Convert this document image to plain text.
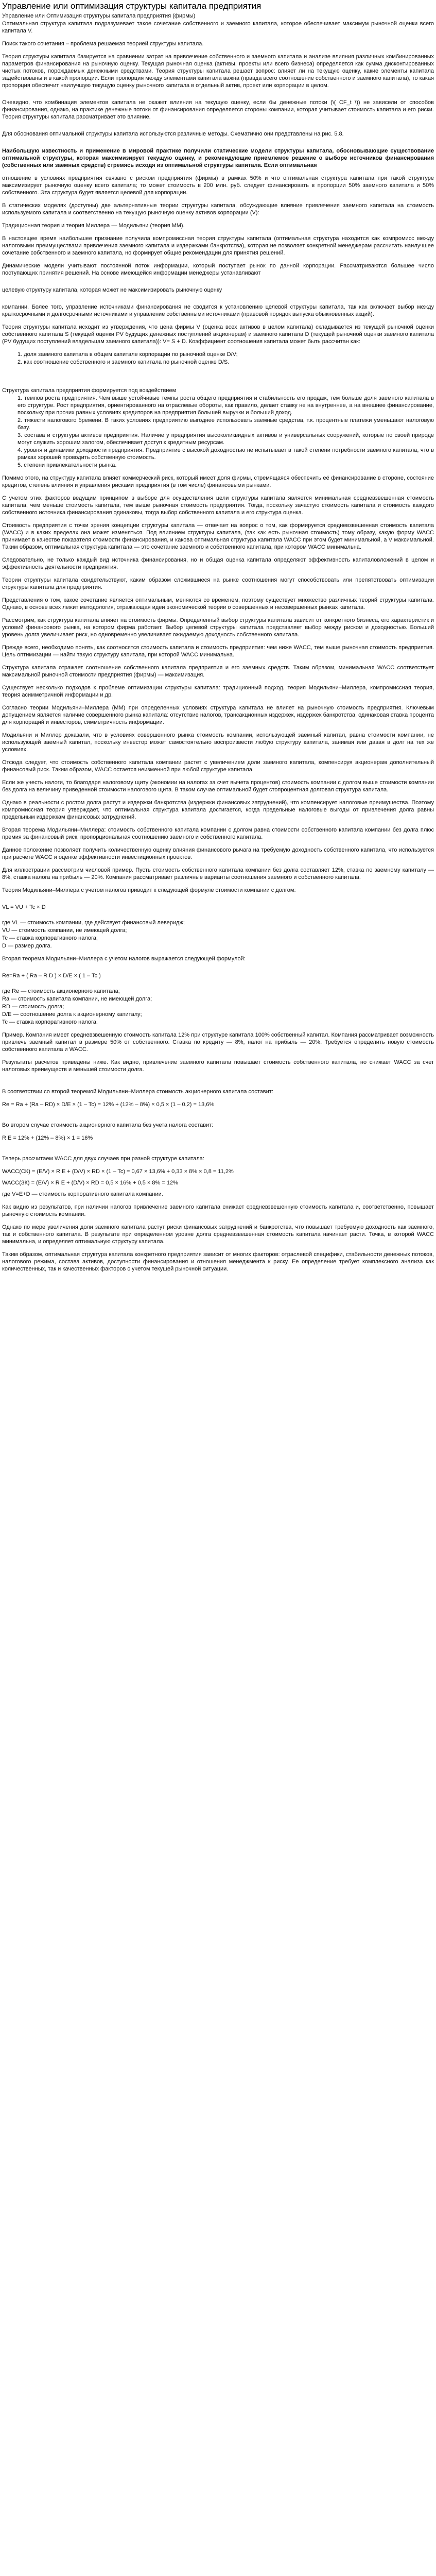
Управление или оптимизация структуры капитала предприятия

Управление или Оптимизация структуры капитала предприятия (фирмы)

Оптимальная структура капитала подразумевает такое сочетание собственного и заемного капитала, которое обеспечивает максимум рыночной оценки всего капитала V.

Поиск такого сочетания – проблема решаемая теорией структуры капитала.

Теория структуры капитала базируется на сравнении затрат на привлечение собственного и заемного капитала и анализе влияния различных комбинированных параметров финансирования на рыночную оценку. Текущая рыночная оценка (активы, проекты или всего бизнеса) определяется как сумма дисконтированных чистых потоков, порождаемых денежными средствами. Теория структуры капитала решает вопрос: влияет ли на текущую оценку, какие элементы капитала задействованы и в какой пропорции. Если пропорция между элементами капитала важна (правда всего соотношение собственного и заемного капитала), то какая пропорция обеспечит наилучшую текущую оценку рыночного капитала в отдельный актив, проект или корпорации в целом.

Очевидно, что комбинация элементов капитала не окажет влияния на текущую оценку, если бы денежные потоки (\( CF_t \)) не зависели от способов финансирования, однако, на практике денежные потоки от финансирования определяется стороны компании, которая учитывает стоимость капитала и его риски. Теория структуры капитала рассматривает это влияние.

Для обоснования оптимальной структуры капитала используются различные методы. Схематично они представлены на рис. 5.8.

Наибольшую известность и применение в мировой практике получили статические модели структуры капитала, обосновывающие существование оптимальной структуры, которая максимизирует текущую оценку, и рекомендующие приемлемое решение о выборе источников финансирования (собственных или заемных средств) стремясь исходя из оптимальной структуры капитала. Если оптимальная

отношение в условиях предприятия связано с риском предприятия (фирмы) в рамках 50% и что оптимальная структура капитала при такой структуре максимизирует рыночную оценку всего капитала; то может стоимость в 200 млн. руб. следует финансировать в пропорции 50% заемного капитала и 50% собственного. Эта структура будет является целевой для корпорации.

В статических моделях (доступны) две альтернативные теории структуры капитала, обсуждающие влияние привлечения заемного капитала на стоимость используемого капитала и соответственно на текущую рыночную оценку активов корпорации (V):

Традиционная теория и теория Миллера — Модильяни (теория ММ).

В настоящее время наибольшее признание получила компромиссная теория структуры капитала (оптимальная структура находится как компромисс между налоговыми преимуществами привлечения заемного капитала и издержками банкротства), которая не позволяет конкретной менеджерам рассчитать наилучшее сочетание собственного и заемного капитала, но формирует общие рекомендации для принятия решений.

Динамические модели учитывают постоянной поток информации, который поступает рынок по данной корпорации. Рассматриваются большее число поступающих принятия решений. На основе имеющейся информации менеджеры устанавливают

целевую структуру капитала, которая может не максимизировать рыночную оценку

компании. Более того, управление источниками финансирования не сводится к установлению целевой структуры капитала, так как включает выбор между краткосрочными и долгосрочными источниками и управление собственными источниками (правовой порядок выпуска обыкновенных акций).

Теория структуры капитала исходит из утверждения, что цена фирмы V (оценка всех активов в целом капитала) складывается из текущей рыночной оценки собственного капитала S (текущей оценки PV будущих денежных поступлений акционерам) и заемного капитала D (текущей рыночной оценки заемного капитала (PV будущих поступлений владельцам заемного капитала)): V= S + D. Коэффициент соотношения капитала может быть рассчитан как:

1. доля заемного капитала в общем капитале корпорации по рыночной оценке D/V;

2. как соотношение собственного и заемного капитала по рыночной оценке D/S.

Структура капитала предприятия формируется под воздействием

1. темпов роста предприятия. Чем выше устойчивые темпы роста общего предприятия и стабильность его продаж, тем больше доля заемного капитала в его структуре. Рост предприятия, ориентированного на отраслевые обороты, как правило, делает ставку не на внутреннее, а на внешнее финансирование, поскольку при прочих равных условиях кредиторов на предприятия большей выручки и больший доход.

2. тяжести налогового бремени. В таких условиях предприятию выгоднее использовать заемные средства, т.к. процентные платежи уменьшают налоговую базу.

3. состава и структуры активов предприятия. Наличие у предприятия высоколиквидных активов и универсальных сооружений, которые по своей природе могут служить хорошим залогом, обеспечивает доступ к кредитным ресурсам.

4. уровня и динамики доходности предприятия. Предприятие с высокой доходностью не испытывает в такой степени потребности заемного капитала, что в рамках хорошей проводить собственную стоимость.

5. степени привлекательности рынка.

Помимо этого, на структуру капитала влияет коммерческий риск, который имеет доля фирмы, стремящаяся обеспечить её финансирование в стороне, состояние кредитов, степень влияния и управления рисками предприятия (в том числе) финансовыми рынками.

С учетом этих факторов ведущим принципом в выборе для осуществления цели структуры капитала является минимальная средневзвешенная стоимость капитала, чем меньше стоимость капитала, тем выше рыночная стоимость предприятия. Тогда, поскольку зачастую стоимость капитала и стоимость каждого собственного источника финансирования одинаковы, тогда выбор собственного капитала и его структура оценка.

Стоимость предприятия с точки зрения концепции структуры капитала — отвечает на вопрос о том, как формируется средневзвешенная стоимость капитала (WACC) и в каких пределах она может изменяться. Под влиянием структуры капитала, (так как есть рыночная стоимость) тому образу, какую форму WACC принимает в качестве показателя стоимости финансирования, и какова оптимальная структура капитала WACC при этом будет минимальной, а V максимальной. Таким образом, оптимальная структура капитала — это сочетание заемного и собственного капитала, при котором WACC минимальна.

Следовательно, не только каждый вид источника финансирования, но и общая оценка капитала определяют эффективность капиталовложений в целом и эффективность деятельности предприятия.

Теории структуры капитала свидетельствуют, каким образом сложившиеся на рынке соотношения могут способствовать или препятствовать оптимизации структуры капитала для предприятия.

Представления о том, какое сочетание является оптимальным, меняются со временем, поэтому существует множество различных теорий структуры капитала. Однако, в основе всех лежит методология, отражающая идеи экономической теории о совершенных и несовершенных рынках капитала.

Рассмотрим, как структура капитала влияет на стоимость фирмы. Определенный выбор структуры капитала зависит от конкретного бизнеса, его характеристик и условий финансового рынка, на котором фирма работает. Выбор целевой структуры капитала представляет выбор между риском и доходностью. Больший уровень долга увеличивает риск, но одновременно увеличивает ожидаемую доходность собственного капитала.

Прежде всего, необходимо понять, как соотносятся стоимость капитала и стоимость предприятия: чем ниже WACC, тем выше рыночная стоимость предприятия. Цель оптимизации — найти такую структуру капитала, при которой WACC минимальна.

Структура капитала отражает соотношение собственного капитала предприятия и его заемных средств. Таким образом, минимальная WACC соответствует максимальной рыночной стоимости предприятия (фирмы) — максимизация.

Существует несколько подходов к проблеме оптимизации структуры капитала: традиционный подход, теория Модильяни–Миллера, компромиссная теория, теория асимметричной информации и др.

Согласно теории Модильяни–Миллера (ММ) при определенных условиях структура капитала не влияет на рыночную стоимость предприятия. Ключевым допущением является наличие совершенного рынка капитала: отсутствие налогов, трансакционных издержек, издержек банкротства, одинаковая ставка процента для корпораций и инвесторов, симметричность информации.

Модильяни и Миллер доказали, что в условиях совершенного рынка стоимость компании, использующей заемный капитал, равна стоимости компании, не использующей заемный капитал, поскольку инвестор может самостоятельно воспроизвести любую структуру капитала, занимая или давая в долг на тех же условиях.

Отсюда следует, что стоимость собственного капитала компании растет с увеличением доли заемного капитала, компенсируя акционерам дополнительный финансовый риск. Таким образом, WACC остается неизменной при любой структуре капитала.

Если же учесть налоги, то благодаря налоговому щиту (экономии на налогах за счет вычета процентов) стоимость компании с долгом выше стоимости компании без долга на величину приведенной стоимости налогового щита. В таком случае оптимальной будет стопроцентная долговая структура капитала.

Однако в реальности с ростом долга растут и издержки банкротства (издержки финансовых затруднений), что компенсирует налоговые преимущества. Поэтому компромиссная теория утверждает, что оптимальная структура капитала достигается, когда предельные налоговые выгоды от привлечения долга равны предельным издержкам финансовых затруднений.

Вторая теорема Модильяни–Миллера: стоимость собственного капитала компании с долгом равна стоимости собственного капитала компании без долга плюс премия за финансовый риск, пропорциональная соотношению заемного и собственного капитала.

Данное положение позволяет получить количественную оценку влияния финансового рычага на требуемую доходность собственного капитала, что используется при расчете WACC и оценке эффективности инвестиционных проектов.

Для иллюстрации рассмотрим числовой пример. Пусть стоимость собственного капитала компании без долга составляет 12%, ставка по заемному капиталу — 8%, ставка налога на прибыль — 20%. Компания рассматривает различные варианты соотношения заемного и собственного капитала.

Теория Модильяни–Миллера с учетом налогов приводит к следующей формуле стоимости компании с долгом:

VL = VU + Tc × D

где VL — стоимость компании, где действует финансовый леверидж;

VU — стоимость компании, не имеющей долга;

Tc — ставка корпоративного налога;

D — размер долга.

Вторая теорема Модильяни–Миллера с учетом налогов выражается следующей формулой:

Re=Ra + ( Ra – R D ) × D/E × ( 1 – Tc )

где Re — стоимость акционерного капитала;

Ra — стоимость капитала компании, не имеющей долга;

RD — стоимость долга;

D/E — соотношение долга к акционерному капиталу;

Tc — ставка корпоративного налога.

Пример. Компания имеет средневзвешенную стоимость капитала 12% при структуре капитала 100% собственный капитал. Компания рассматривает возможность привлечь заемный капитал в размере 50% от собственного. Ставка по кредиту — 8%, налог на прибыль — 20%. Требуется определить новую стоимость собственного капитала и WACC.

Результаты расчетов приведены ниже. Как видно, привлечение заемного капитала повышает стоимость собственного капитала, но снижает WACC за счет налоговых преимуществ и меньшей стоимости долга.

В соответствии со второй теоремой Модильяни–Миллера стоимость акционерного капитала составит:

Re = Ra + (Ra – RD) × D/E × (1 – Tc) = 12% + (12% – 8%) × 0,5 × (1 – 0,2) = 13,6%

Во втором случае стоимость акционерного капитала без учета налога составит:

R E = 12% + (12% – 8%) × 1 = 16%

Теперь рассчитаем WACC для двух случаев при разной структуре капитала:

WACC(СК) = (E/V) × R E + (D/V) × RD × (1 – Tc) = 0,67 × 13,6% + 0,33 × 8% × 0,8 = 11,2%

WACC(ЗК) = (E/V) × R E + (D/V) × RD = 0,5 × 16% + 0,5 × 8% = 12%

где V=E+D — стоимость корпоративного капитала компании.

Как видно из результатов, при наличии налогов привлечение заемного капитала снижает средневзвешенную стоимость капитала и, соответственно, повышает рыночную стоимость компании.

Однако по мере увеличения доли заемного капитала растут риски финансовых затруднений и банкротства, что повышает требуемую доходность как заемного, так и собственного капитала. В результате при определенном уровне долга средневзвешенная стоимость капитала начинает расти. Точка, в которой WACC минимальна, и определяет оптимальную структуру капитала.

Таким образом, оптимальная структура капитала конкретного предприятия зависит от многих факторов: отраслевой специфики, стабильности денежных потоков, налогового режима, состава активов, доступности финансирования и отношения менеджмента к риску. Ее определение требует комплексного анализа как количественных, так и качественных факторов с учетом текущей рыночной ситуации.
